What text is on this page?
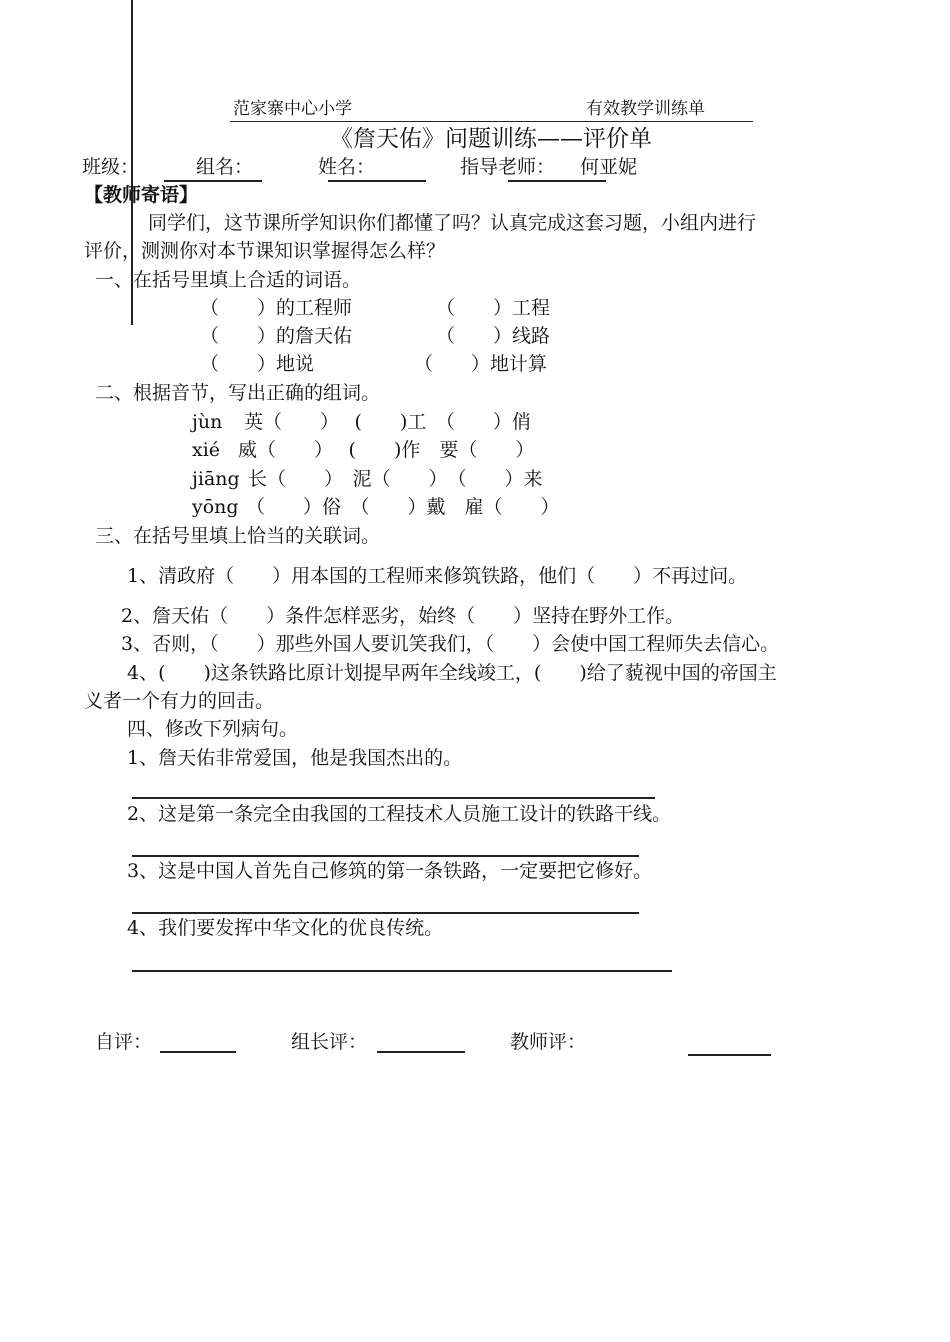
范家寨中心小学	有效教学训练单
《詹天佑》问题训练——评价单
班级：	组名：	姓名：	指导老师： 何亚妮
【教师寄语】
同学们，这节课所学知识你们都懂了吗？认真完成这套习题，小组内进行
评价，测测你对本节课知识掌握得怎么样？
一、在括号里填上合适的词语。
（　　）的工程师	（　　）工程
（　　）的詹天佑	（　　）线路
（　　）地说	（　　）地计算
二、根据音节，写出正确的组词。
jùn 英（　　）　 (　　)工　（　　）俏
xié 威（　　）　 (　　)作　要（　　）
jiāng 长（　　）　泥（　　）　（　　）来
yōng （　　）俗　（　　）戴　雇（　　）
三、在括号里填上恰当的关联词。
1、清政府（　　）用本国的工程师来修筑铁路，他们（　　）不再过问。
2、詹天佑（　　）条件怎样恶劣，始终（　　）坚持在野外工作。
3、否则，（　　）那些外国人要讥笑我们，（　　）会使中国工程师失去信心。
4、(　　)这条铁路比原计划提早两年全线竣工，(　　)给了藐视中国的帝国主
义者一个有力的回击。
四、修改下列病句。
1、詹天佑非常爱国，他是我国杰出的。
2、这是第一条完全由我国的工程技术人员施工设计的铁路干线。
3、这是中国人首先自己修筑的第一条铁路，一定要把它修好。
4、我们要发挥中华文化的优良传统。
自评：	组长评：	教师评：
